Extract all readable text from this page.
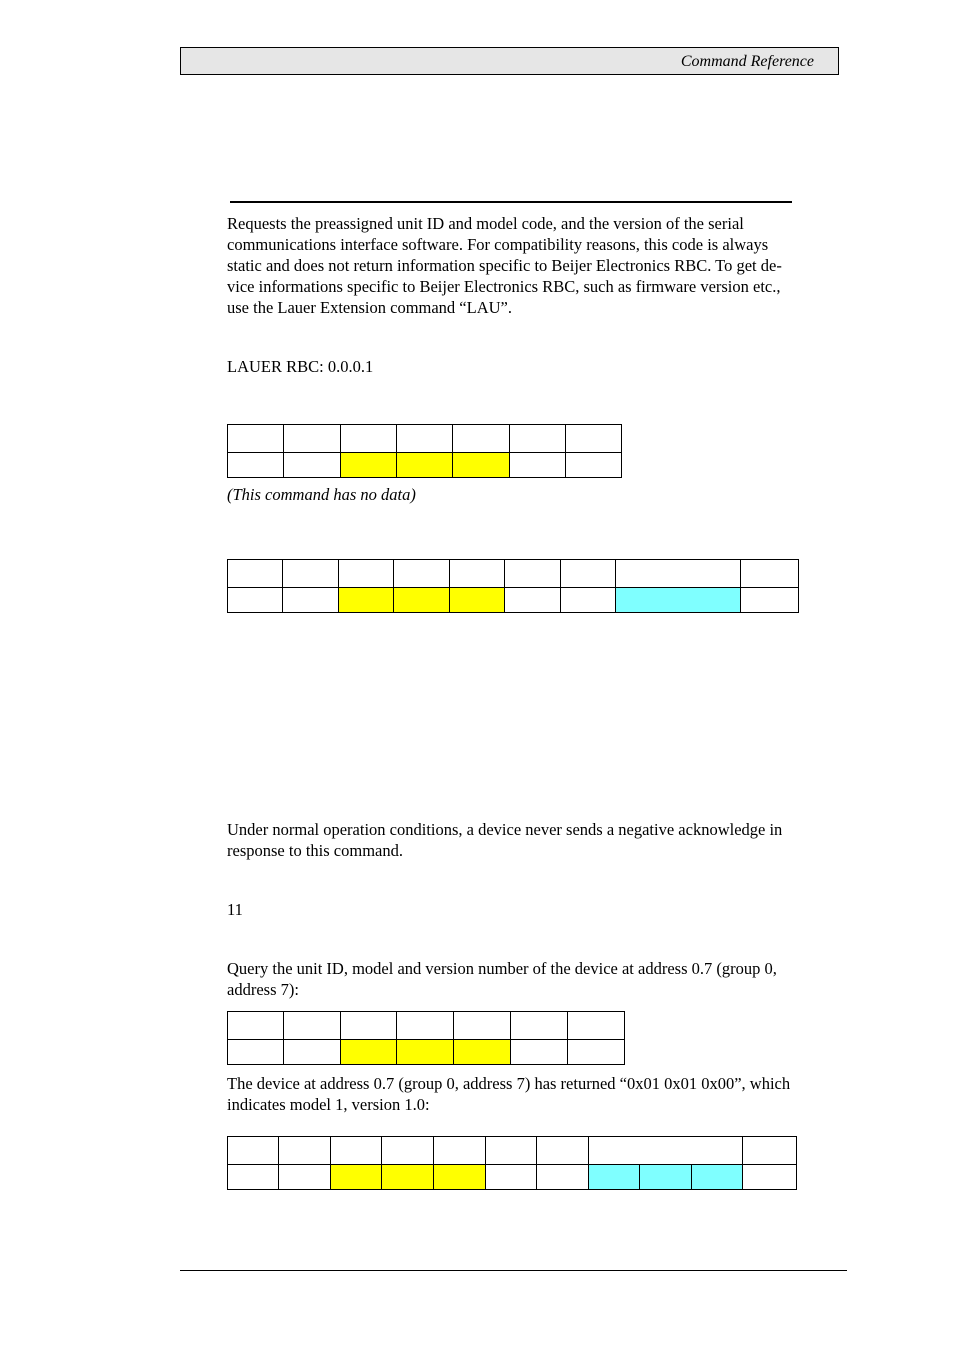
Command Reference
Requests the preassigned unit ID and model code, and the version of the serial
communications interface software. For compatibility reasons, this code is always
static and does not return information specific to Beijer Electronics RBC. To get de-
vice informations specific to Beijer Electronics RBC, such as firmware version etc.,
use the Lauer Extension command “LAU”.
LAUER RBC: 0.0.0.1

(This command has no data)

Under normal operation conditions, a device never sends a negative acknowledge in
response to this command.
11
Query the unit ID, model and version number of the device at address 0.7 (group 0,
address 7):

The device at address 0.7 (group 0, address 7) has returned “0x01 0x01 0x00”, which
indicates model 1, version 1.0:
